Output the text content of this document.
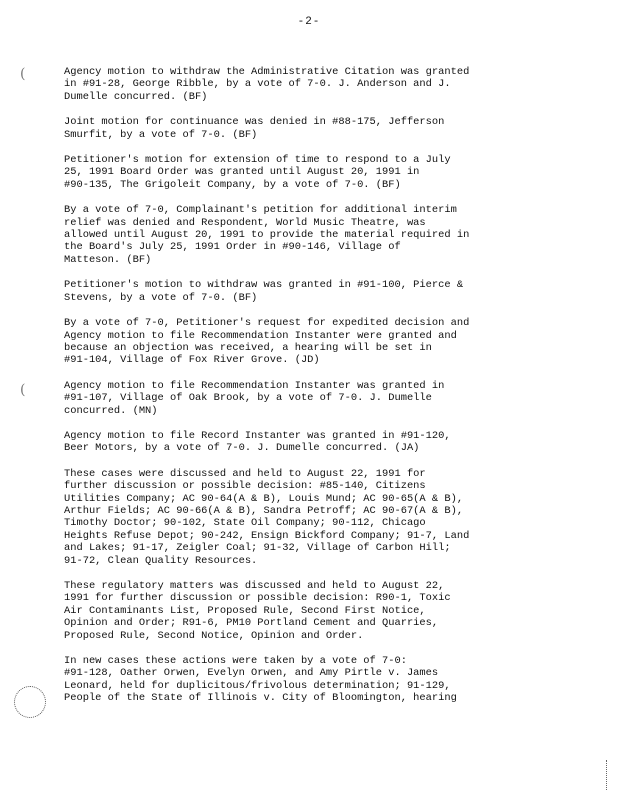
-2-
(
(

Agency motion to withdraw the Administrative Citation was granted
in #91-28, George Ribble, by a vote of 7-0. J. Anderson and J.
Dumelle concurred. (BF)

Joint motion for continuance was denied in #88-175, Jefferson
Smurfit, by a vote of 7-0. (BF)

Petitioner's motion for extension of time to respond to a July
25, 1991 Board Order was granted until August 20, 1991 in
#90-135, The Grigoleit Company, by a vote of 7-0. (BF)

By a vote of 7-0, Complainant's petition for additional interim
relief was denied and Respondent, World Music Theatre, was
allowed until August 20, 1991 to provide the material required in
the Board's July 25, 1991 Order in #90-146, Village of
Matteson. (BF)

Petitioner's motion to withdraw was granted in #91-100, Pierce &
Stevens, by a vote of 7-0. (BF)

By a vote of 7-0, Petitioner's request for expedited decision and
Agency motion to file Recommendation Instanter were granted and
because an objection was received, a hearing will be set in
#91-104, Village of Fox River Grove. (JD)

Agency motion to file Recommendation Instanter was granted in
#91-107, Village of Oak Brook, by a vote of 7-0. J. Dumelle
concurred. (MN)

Agency motion to file Record Instanter was granted in #91-120,
Beer Motors, by a vote of 7-0. J. Dumelle concurred. (JA)

These cases were discussed and held to August 22, 1991 for
further discussion or possible decision: #85-140, Citizens
Utilities Company; AC 90-64(A & B), Louis Mund; AC 90-65(A & B),
Arthur Fields; AC 90-66(A & B), Sandra Petroff; AC 90-67(A & B),
Timothy Doctor; 90-102, State Oil Company; 90-112, Chicago
Heights Refuse Depot; 90-242, Ensign Bickford Company; 91-7, Land
and Lakes; 91-17, Zeigler Coal; 91-32, Village of Carbon Hill;
91-72, Clean Quality Resources.

These regulatory matters was discussed and held to August 22,
1991 for further discussion or possible decision: R90-1, Toxic
Air Contaminants List, Proposed Rule, Second First Notice,
Opinion and Order; R91-6, PM10 Portland Cement and Quarries,
Proposed Rule, Second Notice, Opinion and Order.

In new cases these actions were taken by a vote of 7-0:
#91-128, Oather Orwen, Evelyn Orwen, and Amy Pirtle v. James
Leonard, held for duplicitous/frivolous determination; 91-129,
People of the State of Illinois v. City of Bloomington, hearing
